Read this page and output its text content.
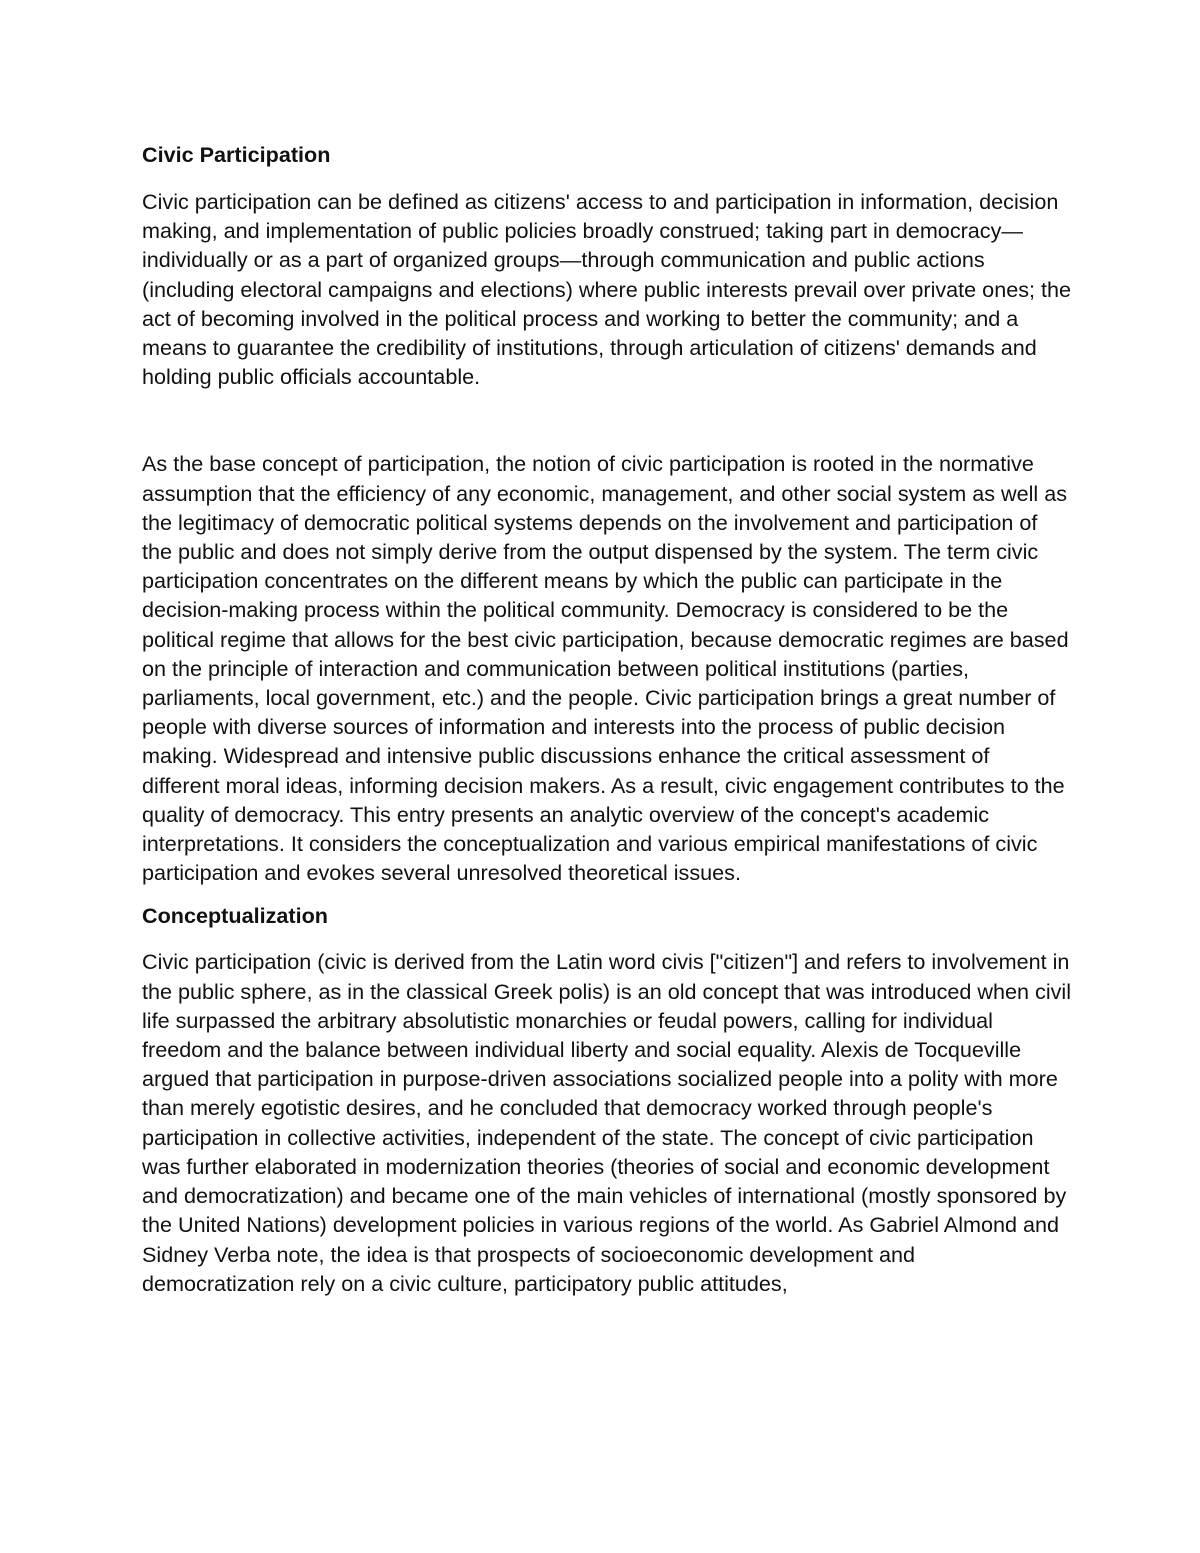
Civic Participation

Civic participation can be defined as citizens' access to and participation in information, decision making, and implementation of public policies broadly construed; taking part in democracy—individually or as a part of organized groups—through communication and public actions (including electoral campaigns and elections) where public interests prevail over private ones; the act of becoming involved in the political process and working to better the community; and a means to guarantee the credibility of institutions, through articulation of citizens' demands and holding public officials accountable.

As the base concept of participation, the notion of civic participation is rooted in the normative assumption that the efficiency of any economic, management, and other social system as well as the legitimacy of democratic political systems depends on the involvement and participation of the public and does not simply derive from the output dispensed by the system. The term civic participation concentrates on the different means by which the public can participate in the decision-making process within the political community. Democracy is considered to be the political regime that allows for the best civic participation, because democratic regimes are based on the principle of interaction and communication between political institutions (parties, parliaments, local government, etc.) and the people. Civic participation brings a great number of people with diverse sources of information and interests into the process of public decision making. Widespread and intensive public discussions enhance the critical assessment of different moral ideas, informing decision makers. As a result, civic engagement contributes to the quality of democracy. This entry presents an analytic overview of the concept's academic interpretations. It considers the conceptualization and various empirical manifestations of civic participation and evokes several unresolved theoretical issues.

Conceptualization

Civic participation (civic is derived from the Latin word civis ["citizen"] and refers to involvement in the public sphere, as in the classical Greek polis) is an old concept that was introduced when civil life surpassed the arbitrary absolutistic monarchies or feudal powers, calling for individual freedom and the balance between individual liberty and social equality. Alexis de Tocqueville argued that participation in purpose-driven associations socialized people into a polity with more than merely egotistic desires, and he concluded that democracy worked through people's participation in collective activities, independent of the state. The concept of civic participation was further elaborated in modernization theories (theories of social and economic development and democratization) and became one of the main vehicles of international (mostly sponsored by the United Nations) development policies in various regions of the world. As Gabriel Almond and Sidney Verba note, the idea is that prospects of socioeconomic development and democratization rely on a civic culture, participatory public attitudes,
